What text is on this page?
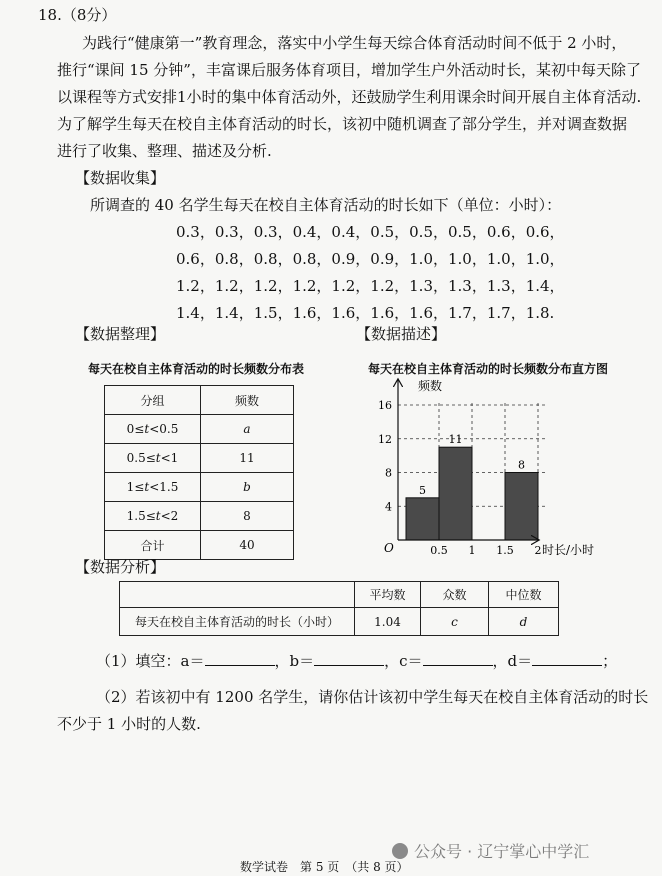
18.（8分）
为践行“健康第一”教育理念，落实中小学生每天综合体育活动时间不低于 2 小时，
推行“课间 15 分钟”，丰富课后服务体育项目，增加学生户外活动时长，某初中每天除了
以课程等方式安排1小时的集中体育活动外，还鼓励学生利用课余时间开展自主体育活动.
为了解学生每天在校自主体育活动的时长，该初中随机调查了部分学生，并对调查数据
进行了收集、整理、描述及分析.
【数据收集】
所调查的 40 名学生每天在校自主体育活动的时长如下（单位：小时）：
0.3，0.3，0.3，0.4，0.4，0.5，0.5，0.5，0.6，0.6，
0.6，0.8，0.8，0.8，0.9，0.9，1.0，1.0，1.0，1.0，
1.2，1.2，1.2，1.2，1.2，1.2，1.3，1.3，1.3，1.4，
1.4，1.4，1.5，1.6，1.6，1.6，1.6，1.7，1.7，1.8.
【数据整理】	【数据描述】
每天在校自主体育活动的时长频数分布表
分组	频数
0≤t<0.5	a
0.5≤t<1	11
1≤t<1.5	b
1.5≤t<2	8
合计	40
每天在校自主体育活动的时长频数分布直方图
5
11
8
频数
时长/小时
O
4
8
12
16
0.5 1 1.5 2
【数据分析】
	平均数	众数	中位数
每天在校自主体育活动的时长（小时）	1.04	c	d
（1）填空：a＝	，b＝	，c＝	，d＝	；
（2）若该初中有 1200 名学生，请你估计该初中学生每天在校自主体育活动的时长
不少于 1 小时的人数.
公众号 · 辽宁掌心中学汇
数学试卷　第 5 页　（共 8 页）
